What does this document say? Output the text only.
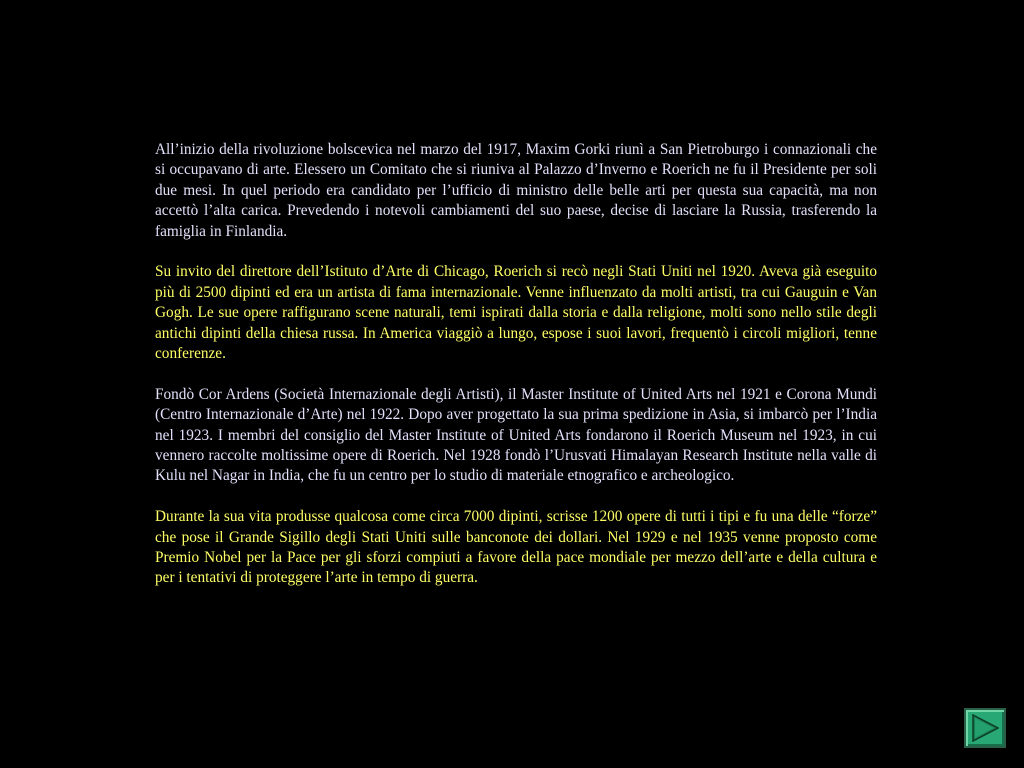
All’inizio della rivoluzione bolscevica nel marzo del 1917, Maxim Gorki riunì a San Pietroburgo i connazionali che si occupavano di arte. Elessero un Comitato che si riuniva al Palazzo d’Inverno e Roerich ne fu il Presidente per soli due mesi. In quel periodo era candidato per l’ufficio di ministro delle belle arti per questa sua capacità, ma non accettò l’alta carica. Prevedendo i notevoli cambiamenti del suo paese, decise di lasciare la Russia, trasferendo la famiglia in Finlandia.

Su invito del direttore dell’Istituto d’Arte di Chicago, Roerich si recò negli Stati Uniti nel 1920. Aveva già eseguito più di 2500 dipinti ed era un artista di fama internazionale. Venne influenzato da molti artisti, tra cui Gauguin e Van Gogh. Le sue opere raffigurano scene naturali, temi ispirati dalla storia e dalla religione, molti sono nello stile degli antichi dipinti della chiesa russa. In America viaggiò a lungo, espose i suoi lavori, frequentò i circoli migliori, tenne conferenze.

Fondò Cor Ardens (Società Internazionale degli Artisti), il Master Institute of United Arts nel 1921 e Corona Mundi (Centro Internazionale d’Arte) nel 1922. Dopo aver progettato la sua prima spedizione in Asia, si imbarcò per l’India nel 1923. I membri del consiglio del Master Institute of United Arts fondarono il Roerich Museum nel 1923, in cui vennero raccolte moltissime opere di Roerich. Nel 1928 fondò l’Urusvati Himalayan Research Institute nella valle di Kulu nel Nagar in India, che fu un centro per lo studio di materiale etnografico e archeologico.

Durante la sua vita produsse qualcosa come circa 7000 dipinti, scrisse 1200 opere di tutti i tipi e fu una delle “forze” che pose il Grande Sigillo degli Stati Uniti sulle banconote dei dollari. Nel 1929 e nel 1935 venne proposto come Premio Nobel per la Pace per gli sforzi compiuti a favore della pace mondiale per mezzo dell’arte e della cultura e per i tentativi di proteggere l’arte in tempo di guerra.
